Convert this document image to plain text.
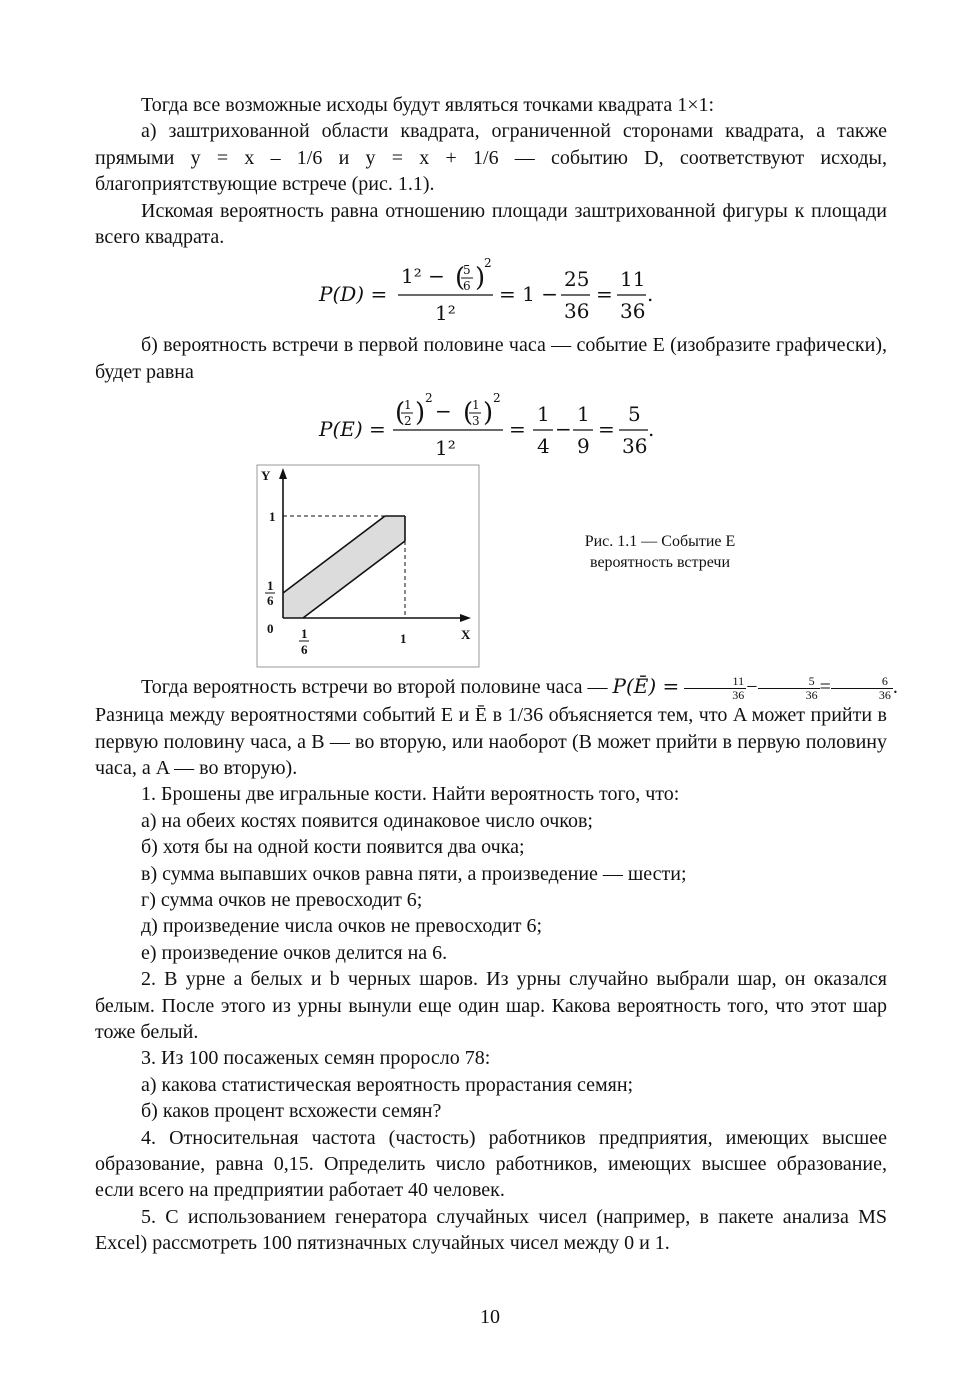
Тогда все возможные исходы будут являться точками квадрата 1×1:

а) заштрихованной области квадрата, ограниченной сторонами квадрата, а также прямыми y = x – 1/6 и y = x + 1/6 — событию D, соответствуют исходы, благоприятствующие встрече (рис. 1.1).

Искомая вероятность равна отношению площади заштрихованной фигуры к площади всего квадрата.

P(D) =
1² − (
5
6 )
2
1²
= 1 −
25
36
=
11
36
.

б) вероятность встречи в первой половине часа — событие E (изобразите графически), будет равна

P(E) =
(
1
2 ) 2
− (
1
3 ) 2
1²
=
1
4
−
1
9
=
5
36
.
Y
X
1
1
6
0 1
6
1
Рис. 1.1 — Событие E
вероятность встречи

Тогда вероятность встречи во второй половине часа — P(Ē) = $\frac{11}{36} - \frac{5}{36} = \frac{6}{36}$ .

Разница между вероятностями событий E и Ē в 1/36 объясняется тем, что A может прийти в первую половину часа, а B — во вторую, или наоборот (B может прийти в первую половину часа, а A — во вторую).

1. Брошены две игральные кости. Найти вероятность того, что:

а) на обеих костях появится одинаковое число очков;

б) хотя бы на одной кости появится два очка;

в) сумма выпавших очков равна пяти, а произведение — шести;

г) сумма очков не превосходит 6;

д) произведение числа очков не превосходит 6;

е) произведение очков делится на 6.

2. В урне a белых и b черных шаров. Из урны случайно выбрали шар, он оказался белым. После этого из урны вынули еще один шар. Какова вероятность того, что этот шар тоже белый.

3. Из 100 посаженых семян проросло 78:

а) какова статистическая вероятность прорастания семян;

б) каков процент всхожести семян?

4. Относительная частота (частость) работников предприятия, имеющих высшее образование, равна 0,15. Определить число работников, имеющих высшее образование, если всего на предприятии работает 40 человек.

5. С использованием генератора случайных чисел (например, в пакете анализа MS Excel) рассмотреть 100 пятизначных случайных чисел между 0 и 1.

10
